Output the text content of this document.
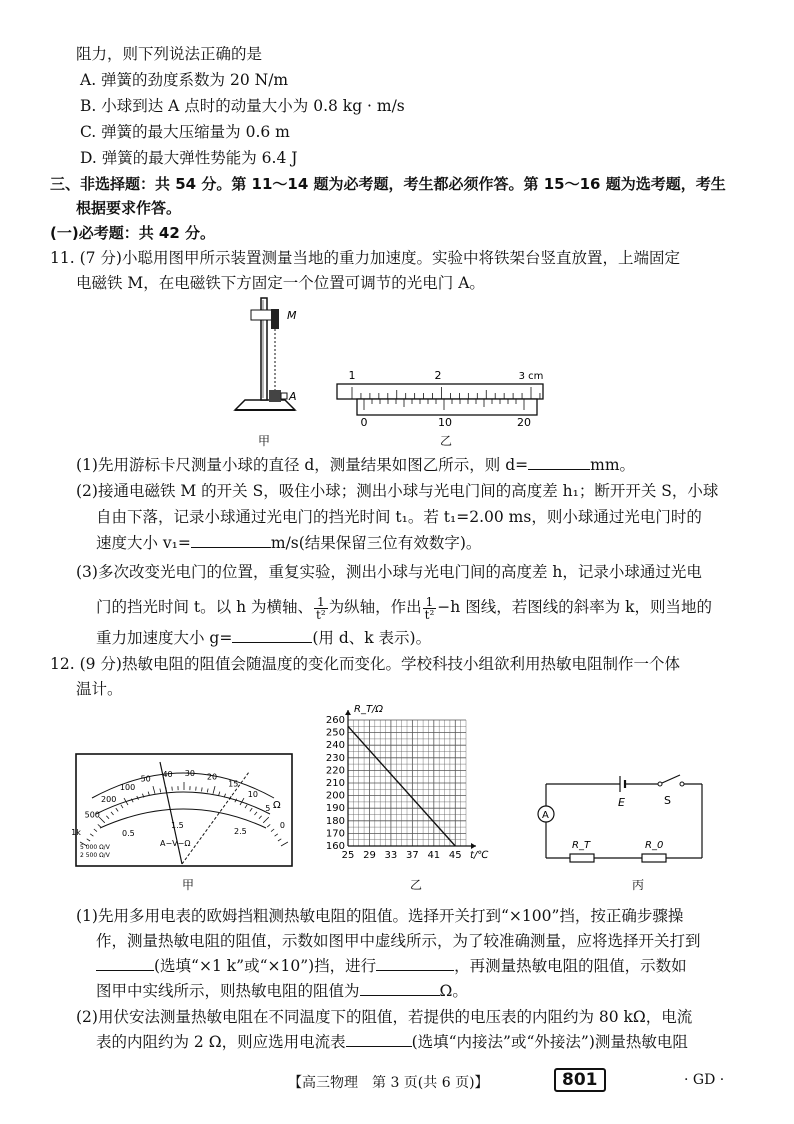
阻力，则下列说法正确的是
A. 弹簧的劲度系数为 20 N/m
B. 小球到达 A 点时的动量大小为 0.8 kg · m/s
C. 弹簧的最大压缩量为 0.6 m
D. 弹簧的最大弹性势能为 6.4 J
三、非选择题：共 54 分。第 11～14 题为必考题，考生都必须作答。第 15～16 题为选考题，考生
根据要求作答。
(一)必考题：共 42 分。
11. (7 分)小聪用图甲所示装置测量当地的重力加速度。实验中将铁架台竖直放置，上端固定
电磁铁 M，在电磁铁下方固定一个位置可调节的光电门 A。
M
A
甲
1	2	3 cm
0	10	20
乙
(1)先用游标卡尺测量小球的直径 d，测量结果如图乙所示，则 d=	mm。
(2)接通电磁铁 M 的开关 S，吸住小球；测出小球与光电门间的高度差 h₁；断开开关 S，小球
自由下落，记录小球通过光电门的挡光时间 t₁。若 t₁=2.00 ms，则小球通过光电门时的
速度大小 v₁=	m/s(结果保留三位有效数字)。
(3)多次改变光电门的位置，重复实验，测出小球与光电门间的高度差 h，记录小球通过光电
门的挡光时间 t。以 h 为横轴、 $\frac{1}{\text{t²}}$ 为纵轴，作出 $\frac{1}{\text{t²}} -h$ 图线，若图线的斜率为 k，则当地的
重力加速度大小 g=	(用 d、k 表示)。
12. (9 分)热敏电阻的阻值会随温度的变化而变化。学校科技小组欲利用热敏电阻制作一个体
温计。
1k
500
200
100
50
40 30 20
15
10
5
0
Ω
0.5
1.5
2.5
A−V−Ω
5 000 Ω/V
2 500 Ω/V
甲
260
250
240
230
220
210
200
190
180
170
160
25 29 33 37 41 45
R_T/Ω
t/℃
乙
E	S
A
R_T	R_0
丙
(1)先用多用电表的欧姆挡粗测热敏电阻的阻值。选择开关打到“×100”挡，按正确步骤操
作，测量热敏电阻的阻值，示数如图甲中虚线所示，为了较准确测量，应将选择开关打到
(选填“×1 k”或“×10”)挡，进行	，再测量热敏电阻的阻值，示数如
图甲中实线所示，则热敏电阻的阻值为	Ω。
(2)用伏安法测量热敏电阻在不同温度下的阻值，若提供的电压表的内阻约为 80 kΩ，电流
表的内阻约为 2 Ω，则应选用电流表	(选填“内接法”或“外接法”)测量热敏电阻
【高三物理　第 3 页(共 6 页)】	801	· GD ·
